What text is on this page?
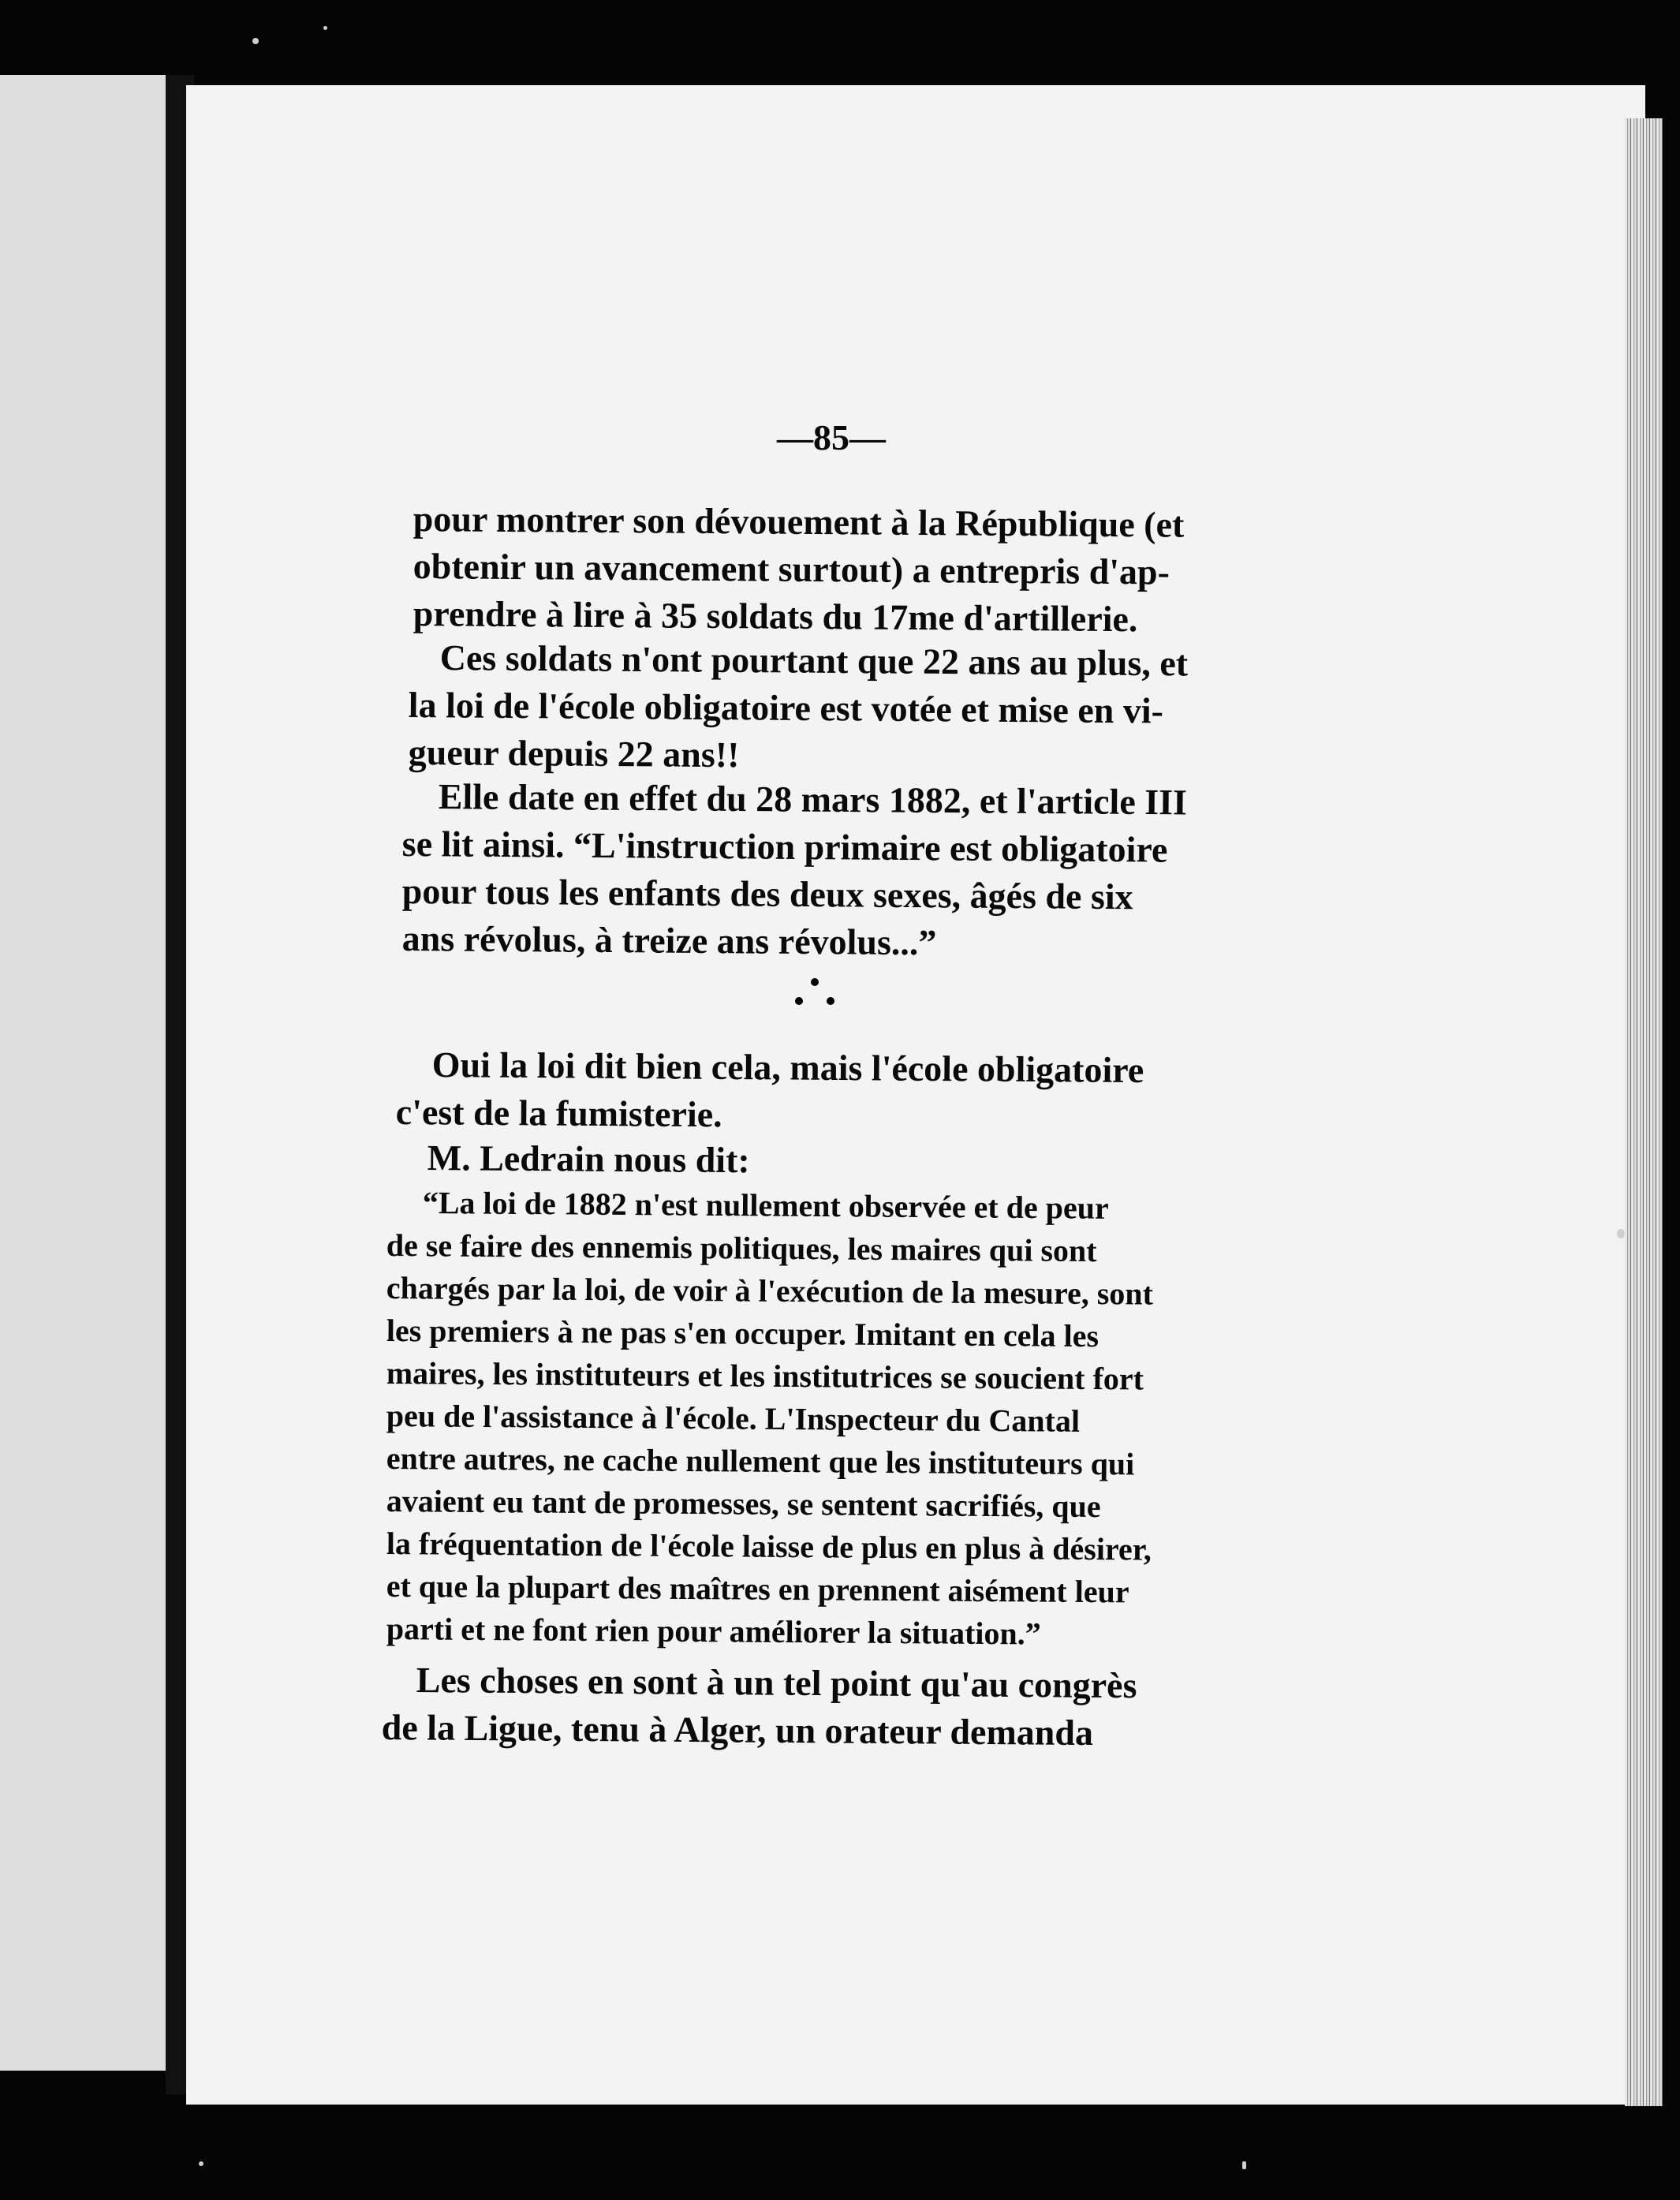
—85—
pour montrer son dévouement à la République (et
obtenir un avancement surtout) a entrepris d'ap-
prendre à lire à 35 soldats du 17me d'artillerie.
Ces soldats n'ont pourtant que 22 ans au plus, et
la loi de l'école obligatoire est votée et mise en vi-
gueur depuis 22 ans!!
Elle date en effet du 28 mars 1882, et l'article III
se lit ainsi. “L'instruction primaire est obligatoire
pour tous les enfants des deux sexes, âgés de six
ans révolus, à treize ans révolus...”
Oui la loi dit bien cela, mais l'école obligatoire
c'est de la fumisterie.
M. Ledrain nous dit:
“La loi de 1882 n'est nullement observée et de peur
de se faire des ennemis politiques, les maires qui sont
chargés par la loi, de voir à l'exécution de la mesure, sont
les premiers à ne pas s'en occuper. Imitant en cela les
maires, les instituteurs et les institutrices se soucient fort
peu de l'assistance à l'école. L'Inspecteur du Cantal
entre autres, ne cache nullement que les instituteurs qui
avaient eu tant de promesses, se sentent sacrifiés, que
la fréquentation de l'école laisse de plus en plus à désirer,
et que la plupart des maîtres en prennent aisément leur
parti et ne font rien pour améliorer la situation.”
Les choses en sont à un tel point qu'au congrès
de la Ligue, tenu à Alger, un orateur demanda
